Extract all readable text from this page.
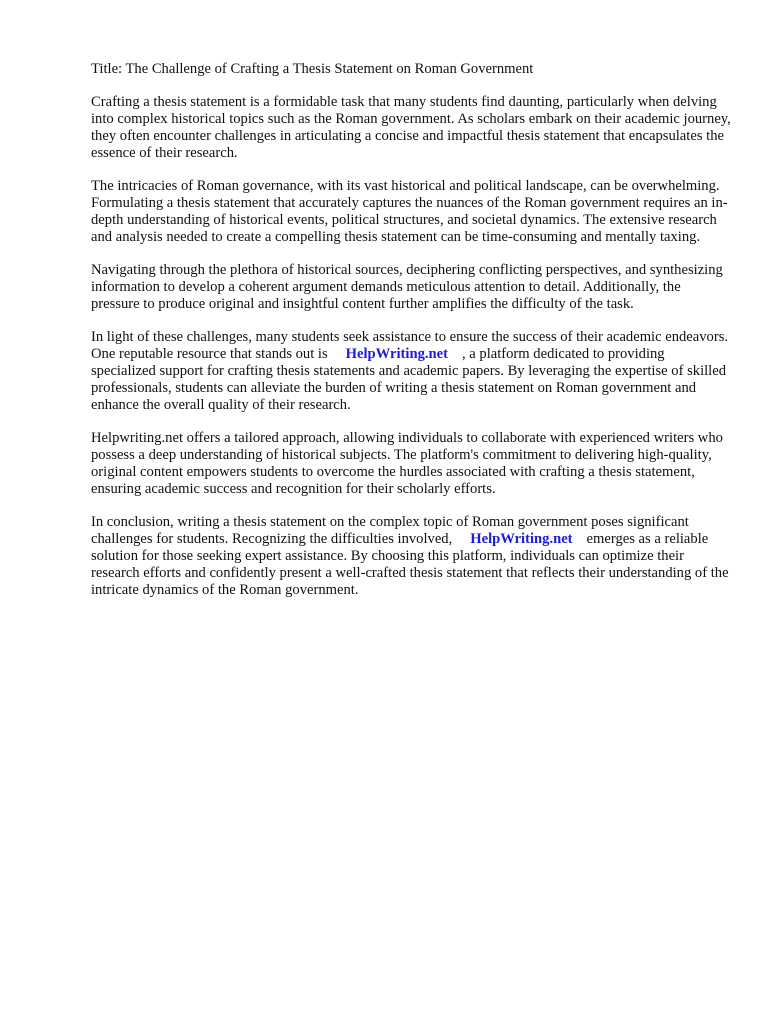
Title: The Challenge of Crafting a Thesis Statement on Roman Government

Crafting a thesis statement is a formidable task that many students find daunting, particularly when delving into complex historical topics such as the Roman government. As scholars embark on their academic journey, they often encounter challenges in articulating a concise and impactful thesis statement that encapsulates the essence of their research.

The intricacies of Roman governance, with its vast historical and political landscape, can be overwhelming. Formulating a thesis statement that accurately captures the nuances of the Roman government requires an in-depth understanding of historical events, political structures, and societal dynamics. The extensive research and analysis needed to create a compelling thesis statement can be time-consuming and mentally taxing.

Navigating through the plethora of historical sources, deciphering conflicting perspectives, and synthesizing information to develop a coherent argument demands meticulous attention to detail. Additionally, the pressure to produce original and insightful content further amplifies the difficulty of the task.

In light of these challenges, many students seek assistance to ensure the success of their academic endeavors. One reputable resource that stands out is HelpWriting.net , a platform dedicated to providing specialized support for crafting thesis statements and academic papers. By leveraging the expertise of skilled professionals, students can alleviate the burden of writing a thesis statement on Roman government and enhance the overall quality of their research.

Helpwriting.net offers a tailored approach, allowing individuals to collaborate with experienced writers who possess a deep understanding of historical subjects. The platform's commitment to delivering high-quality, original content empowers students to overcome the hurdles associated with crafting a thesis statement, ensuring academic success and recognition for their scholarly efforts.

In conclusion, writing a thesis statement on the complex topic of Roman government poses significant challenges for students. Recognizing the difficulties involved, HelpWriting.net emerges as a reliable solution for those seeking expert assistance. By choosing this platform, individuals can optimize their research efforts and confidently present a well-crafted thesis statement that reflects their understanding of the intricate dynamics of the Roman government.
